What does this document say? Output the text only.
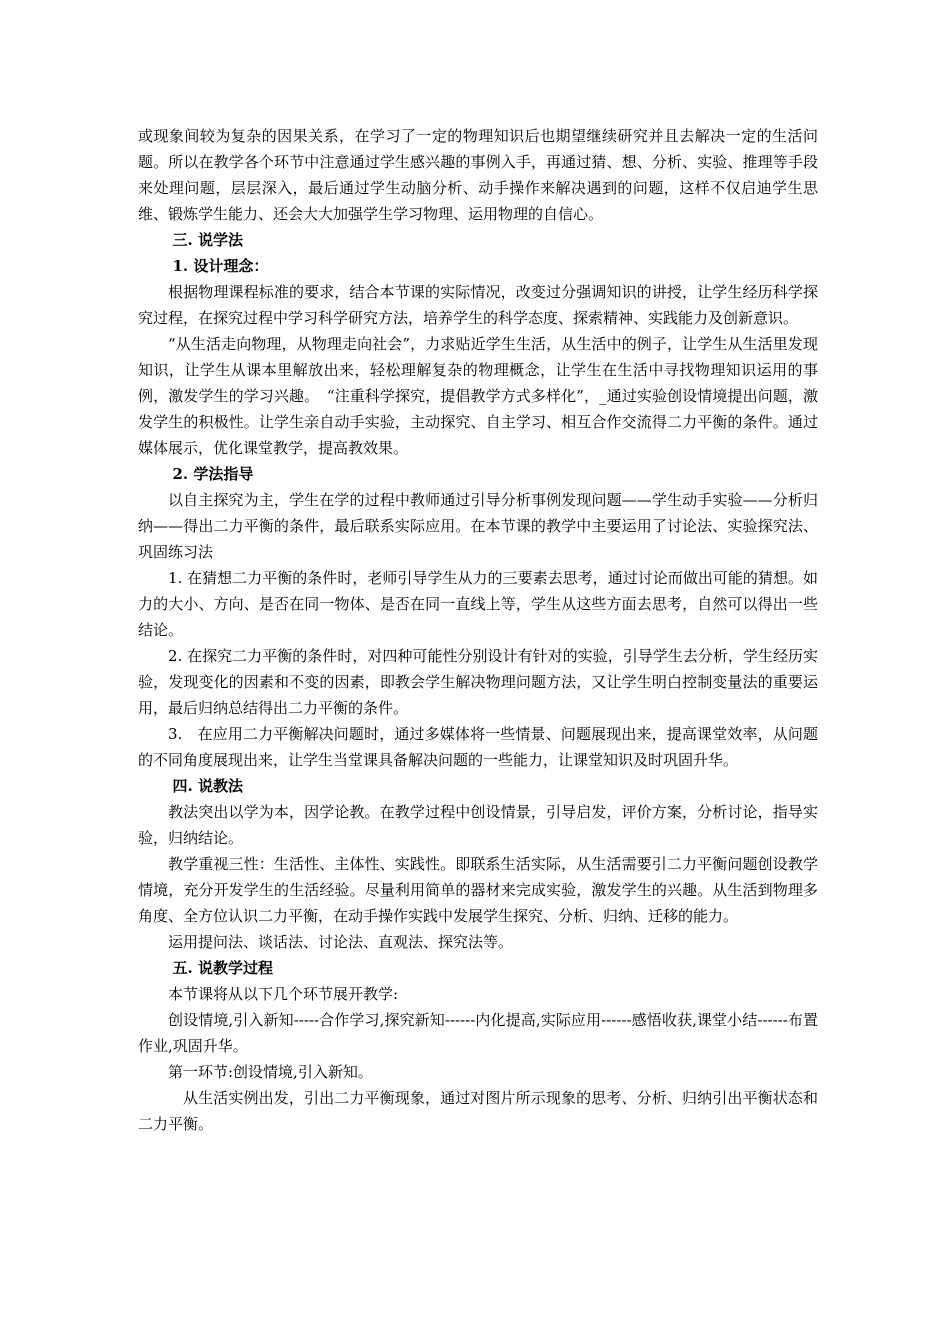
或现象间较为复杂的因果关系，在学习了一定的物理知识后也期望继续研究并且去解决一定的生活问题。所以在教学各个环节中注意通过学生感兴趣的事例入手，再通过猜、想、分析、实验、推理等手段来处理问题，层层深入，最后通过学生动脑分析、动手操作来解决遇到的问题，这样不仅启迪学生思维、锻炼学生能力、还会大大加强学生学习物理、运用物理的自信心。

三. 说学法

1. 设计理念：

根据物理课程标准的要求，结合本节课的实际情况，改变过分强调知识的讲授，让学生经历科学探究过程，在探究过程中学习科学研究方法，培养学生的科学态度、探索精神、实践能力及创新意识。

“从生活走向物理，从物理走向社会”，力求贴近学生生活，从生活中的例子，让学生从生活里发现知识，让学生从课本里解放出来，轻松理解复杂的物理概念，让学生在生活中寻找物理知识运用的事例，激发学生的学习兴趣。　“注重科学探究，提倡教学方式多样化”，_通过实验创设情境提出问题，激发学生的积极性。让学生亲自动手实验，主动探究、自主学习、相互合作交流得二力平衡的条件。通过媒体展示，优化课堂教学，提高教效果。

2. 学法指导

以自主探究为主，学生在学的过程中教师通过引导分析事例发现问题——学生动手实验——分析归纳——得出二力平衡的条件，最后联系实际应用。在本节课的教学中主要运用了讨论法、实验探究法、巩固练习法

1. 在猜想二力平衡的条件时，老师引导学生从力的三要素去思考，通过讨论而做出可能的猜想。如力的大小、方向、是否在同一物体、是否在同一直线上等，学生从这些方面去思考，自然可以得出一些结论。

2. 在探究二力平衡的条件时，对四种可能性分别设计有针对的实验，引导学生去分析，学生经历实验，发现变化的因素和不变的因素，即教会学生解决物理问题方法，又让学生明白控制变量法的重要运用，最后归纳总结得出二力平衡的条件。

3.　在应用二力平衡解决问题时，通过多媒体将一些情景、问题展现出来，提高课堂效率，从问题的不同角度展现出来，让学生当堂课具备解决问题的一些能力，让课堂知识及时巩固升华。

四. 说教法

教法突出以学为本，因学论教。在教学过程中创设情景，引导启发，评价方案，分析讨论，指导实验，归纳结论。

教学重视三性：生活性、主体性、实践性。即联系生活实际，从生活需要引二力平衡问题创设教学情境，充分开发学生的生活经验。尽量利用简单的器材来完成实验，激发学生的兴趣。从生活到物理多角度、全方位认识二力平衡，在动手操作实践中发展学生探究、分析、归纳、迁移的能力。

运用提问法、谈话法、讨论法、直观法、探究法等。

五. 说教学过程

本节课将从以下几个环节展开教学:

创设情境,引入新知-----合作学习,探究新知------内化提高,实际应用------感悟收获,课堂小结------布置作业,巩固升华。

第一环节:创设情境,引入新知。

从生活实例出发，引出二力平衡现象，通过对图片所示现象的思考、分析、归纳引出平衡状态和二力平衡。
